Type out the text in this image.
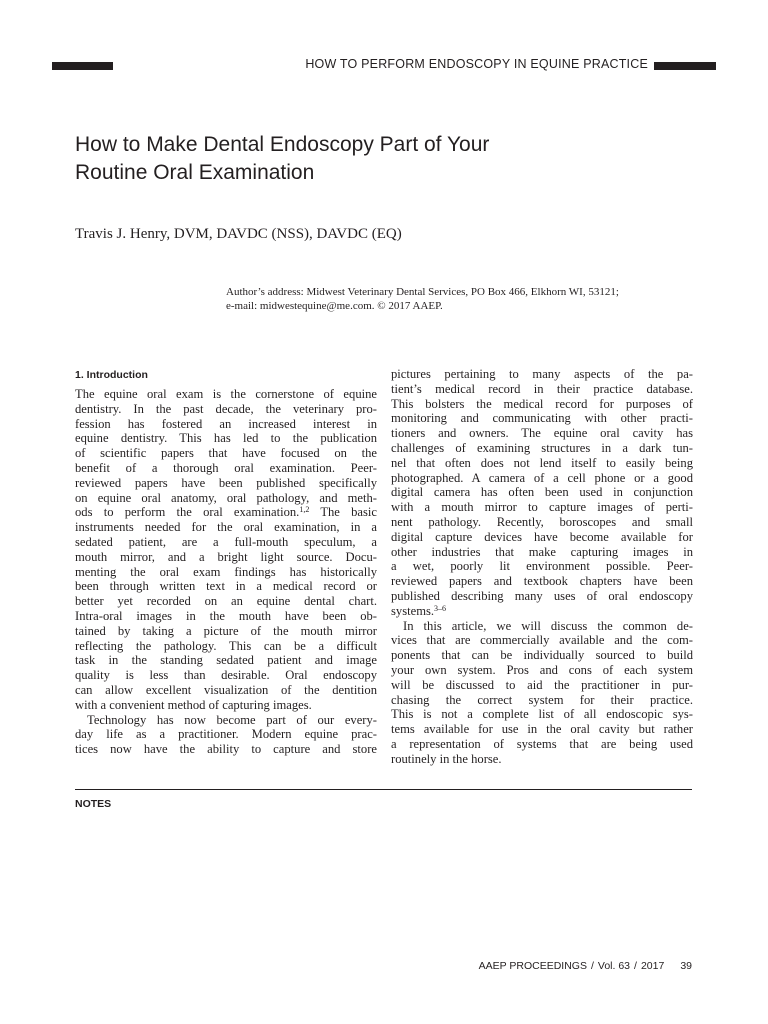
HOW TO PERFORM ENDOSCOPY IN EQUINE PRACTICE
How to Make Dental Endoscopy Part of Your
Routine Oral Examination
Travis J. Henry, DVM, DAVDC (NSS), DAVDC (EQ)
Author’s address: Midwest Veterinary Dental Services, PO Box 466, Elkhorn WI, 53121;
e-mail: midwestequine@me.com. © 2017 AAEP.
1. Introduction
The equine oral exam is the cornerstone of equine
dentistry. In the past decade, the veterinary pro-
fession has fostered an increased interest in
equine dentistry. This has led to the publication
of scientific papers that have focused on the
benefit of a thorough oral examination. Peer-
reviewed papers have been published specifically
on equine oral anatomy, oral pathology, and meth-
ods to perform the oral examination.$^{1,2}$ The basic
instruments needed for the oral examination, in a
sedated patient, are a full-mouth speculum, a
mouth mirror, and a bright light source. Docu-
menting the oral exam findings has historically
been through written text in a medical record or
better yet recorded on an equine dental chart.
Intra-oral images in the mouth have been ob-
tained by taking a picture of the mouth mirror
reflecting the pathology. This can be a difficult
task in the standing sedated patient and image
quality is less than desirable. Oral endoscopy
can allow excellent visualization of the dentition
with a convenient method of capturing images.
Technology has now become part of our every-
day life as a practitioner. Modern equine prac-
tices now have the ability to capture and store
pictures pertaining to many aspects of the pa-
tient’s medical record in their practice database.
This bolsters the medical record for purposes of
monitoring and communicating with other practi-
tioners and owners. The equine oral cavity has
challenges of examining structures in a dark tun-
nel that often does not lend itself to easily being
photographed. A camera of a cell phone or a good
digital camera has often been used in conjunction
with a mouth mirror to capture images of perti-
nent pathology. Recently, boroscopes and small
digital capture devices have become available for
other industries that make capturing images in
a wet, poorly lit environment possible. Peer-
reviewed papers and textbook chapters have been
published describing many uses of oral endoscopy
systems.$^{3-6}$
In this article, we will discuss the common de-
vices that are commercially available and the com-
ponents that can be individually sourced to build
your own system. Pros and cons of each system
will be discussed to aid the practitioner in pur-
chasing the correct system for their practice.
This is not a complete list of all endoscopic sys-
tems available for use in the oral cavity but rather
a representation of systems that are being used
routinely in the horse.
NOTES
AAEP PROCEEDINGS / Vol. 63 / 2017 39
